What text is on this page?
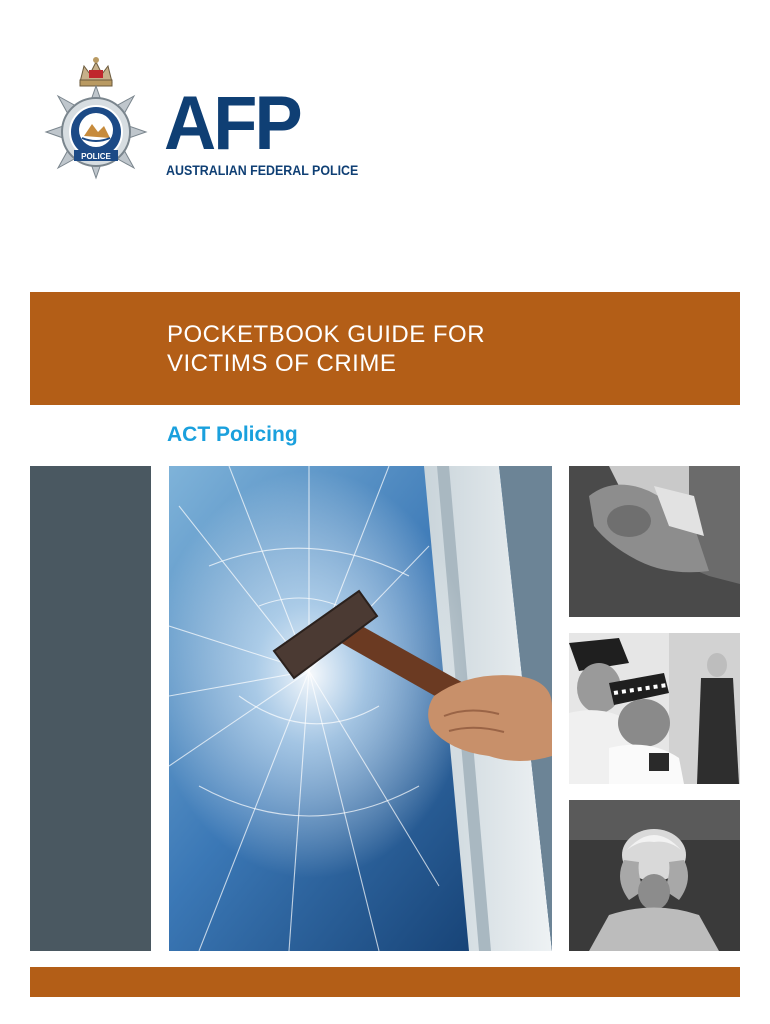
POLICE AFP
AUSTRALIAN FEDERAL POLICE
POCKETBOOK GUIDE FOR
VICTIMS OF CRIME
ACT Policing
